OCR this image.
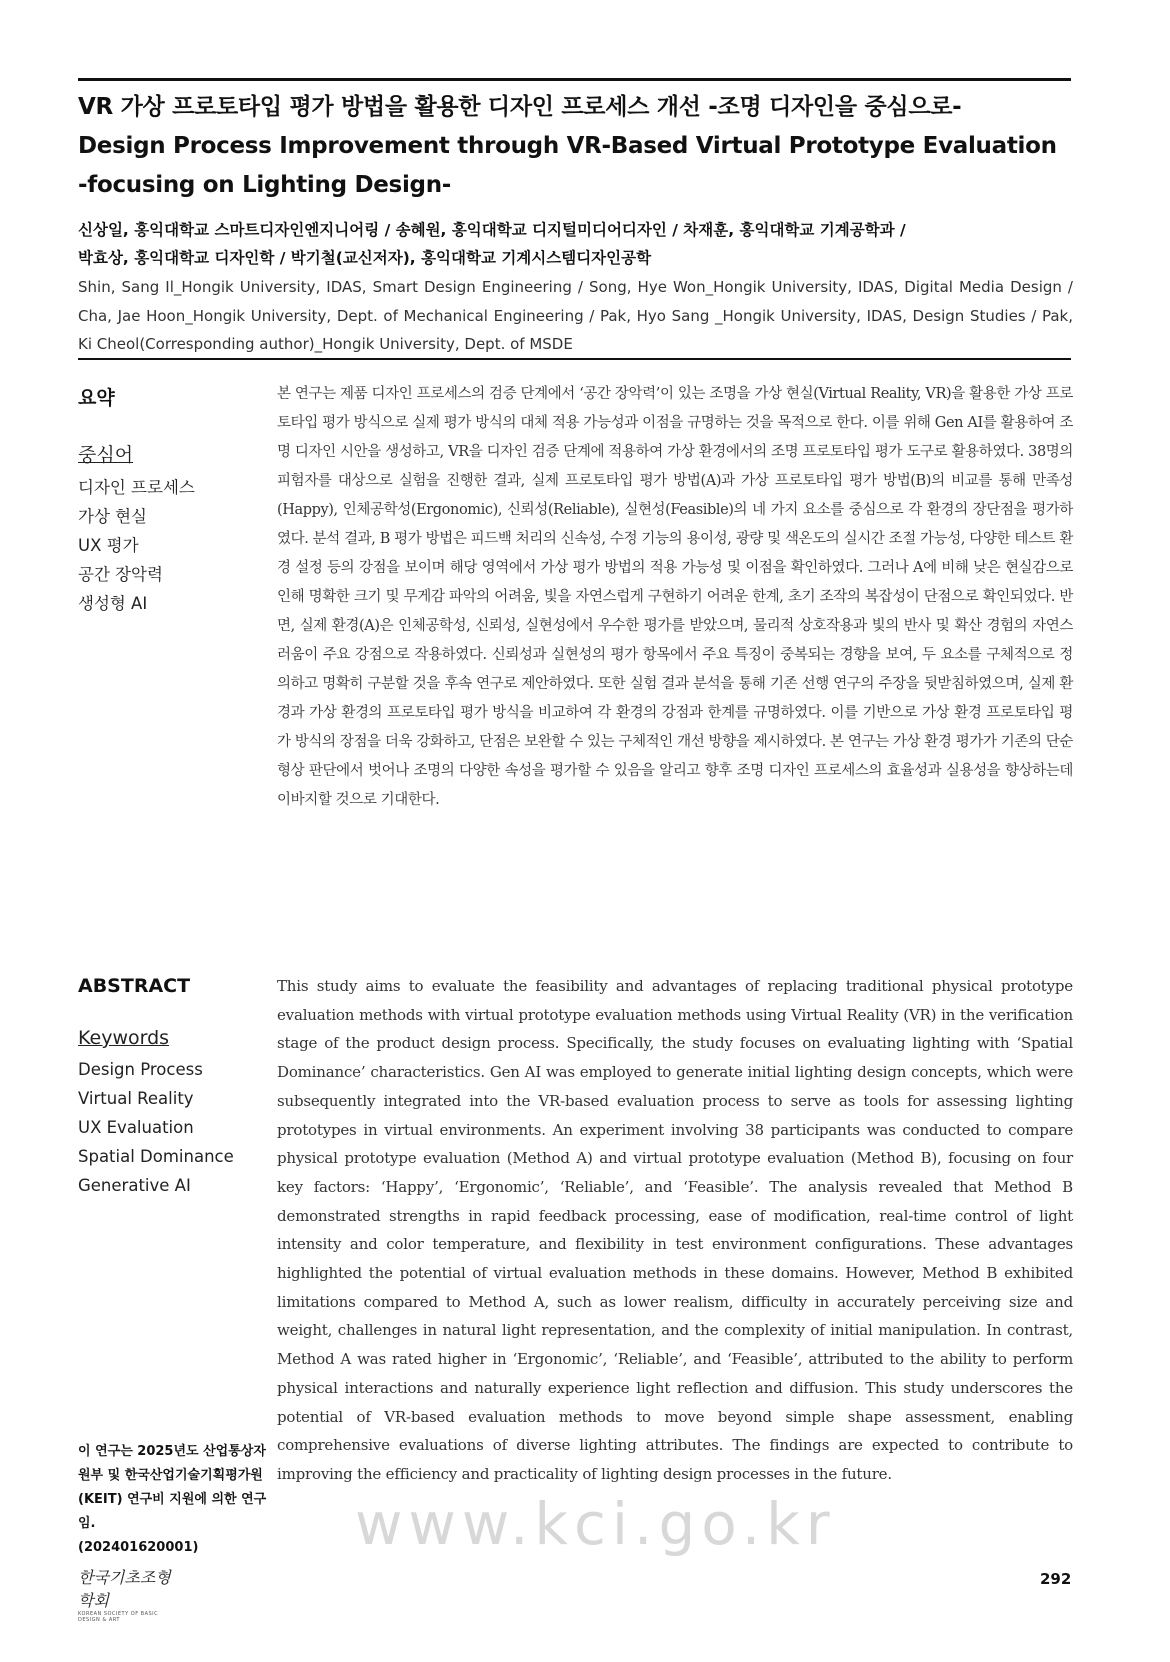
VR 가상 프로토타입 평가 방법을 활용한 디자인 프로세스 개선 -조명 디자인을 중심으로-
Design Process Improvement through VR-Based Virtual Prototype Evaluation
-focusing on Lighting Design-
신상일, 홍익대학교 스마트디자인엔지니어링 / 송혜원, 홍익대학교 디지털미디어디자인 / 차재훈, 홍익대학교 기계공학과 /
박효상, 홍익대학교 디자인학 / 박기철(교신저자), 홍익대학교 기계시스템디자인공학
Shin, Sang Il_Hongik University, IDAS, Smart Design Engineering / Song, Hye Won_Hongik University, IDAS, Digital Media Design / Cha, Jae Hoon_Hongik University, Dept. of Mechanical Engineering / Pak, Hyo Sang _Hongik University, IDAS, Design Studies / Pak, Ki Cheol(Corresponding author)_Hongik University, Dept. of MSDE
요약
중심어
디자인 프로세스
가상 현실
UX 평가
공간 장악력
생성형 AI
본 연구는 제품 디자인 프로세스의 검증 단계에서 ‘공간 장악력’이 있는 조명을 가상 현실(Virtual Reality, VR)을 활용한 가상 프로토타입 평가 방식으로 실제 평가 방식의 대체 적용 가능성과 이점을 규명하는 것을 목적으로 한다. 이를 위해 Gen AI를 활용하여 조명 디자인 시안을 생성하고, VR을 디자인 검증 단계에 적용하여 가상 환경에서의 조명 프로토타입 평가 도구로 활용하였다. 38명의 피험자를 대상으로 실험을 진행한 결과, 실제 프로토타입 평가 방법(A)과 가상 프로토타입 평가 방법(B)의 비교를 통해 만족성(Happy), 인체공학성(Ergonomic), 신뢰성(Reliable), 실현성(Feasible)의 네 가지 요소를 중심으로 각 환경의 장단점을 평가하였다. 분석 결과, B 평가 방법은 피드백 처리의 신속성, 수정 기능의 용이성, 광량 및 색온도의 실시간 조절 가능성, 다양한 테스트 환경 설정 등의 강점을 보이며 해당 영역에서 가상 평가 방법의 적용 가능성 및 이점을 확인하였다. 그러나 A에 비해 낮은 현실감으로 인해 명확한 크기 및 무게감 파악의 어려움, 빛을 자연스럽게 구현하기 어려운 한계, 초기 조작의 복잡성이 단점으로 확인되었다. 반면, 실제 환경(A)은 인체공학성, 신뢰성, 실현성에서 우수한 평가를 받았으며, 물리적 상호작용과 빛의 반사 및 확산 경험의 자연스러움이 주요 강점으로 작용하였다. 신뢰성과 실현성의 평가 항목에서 주요 특징이 중복되는 경향을 보여, 두 요소를 구체적으로 정의하고 명확히 구분할 것을 후속 연구로 제안하였다. 또한 실험 결과 분석을 통해 기존 선행 연구의 주장을 뒷받침하였으며, 실제 환경과 가상 환경의 프로토타입 평가 방식을 비교하여 각 환경의 강점과 한계를 규명하였다. 이를 기반으로 가상 환경 프로토타입 평가 방식의 장점을 더욱 강화하고, 단점은 보완할 수 있는 구체적인 개선 방향을 제시하였다. 본 연구는 가상 환경 평가가 기존의 단순 형상 판단에서 벗어나 조명의 다양한 속성을 평가할 수 있음을 알리고 향후 조명 디자인 프로세스의 효율성과 실용성을 향상하는데 이바지할 것으로 기대한다.
ABSTRACT
Keywords
Design Process
Virtual Reality
UX Evaluation
Spatial Dominance
Generative AI
This study aims to evaluate the feasibility and advantages of replacing traditional physical prototype evaluation methods with virtual prototype evaluation methods using Virtual Reality (VR) in the verification stage of the product design process. Specifically, the study focuses on evaluating lighting with ‘Spatial Dominance’ characteristics. Gen AI was employed to generate initial lighting design concepts, which were subsequently integrated into the VR-based evaluation process to serve as tools for assessing lighting prototypes in virtual environments. An experiment involving 38 participants was conducted to compare physical prototype evaluation (Method A) and virtual prototype evaluation (Method B), focusing on four key factors: ‘Happy’, ‘Ergonomic’, ‘Reliable’, and ‘Feasible’. The analysis revealed that Method B demonstrated strengths in rapid feedback processing, ease of modification, real-time control of light intensity and color temperature, and flexibility in test environment configurations. These advantages highlighted the potential of virtual evaluation methods in these domains. However, Method B exhibited limitations compared to Method A, such as lower realism, difficulty in accurately perceiving size and weight, challenges in natural light representation, and the complexity of initial manipulation. In contrast, Method A was rated higher in ‘Ergonomic’, ‘Reliable’, and ‘Feasible’, attributed to the ability to perform physical interactions and naturally experience light reflection and diffusion. This study underscores the potential of VR-based evaluation methods to move beyond simple shape assessment, enabling comprehensive evaluations of diverse lighting attributes. The findings are expected to contribute to improving the efficiency and practicality of lighting design processes in the future.
이 연구는 2025년도 산업통상자원부 및 한국산업기술기획평가원(KEIT) 연구비 지원에 의한 연구임.
(202401620001)	www.kci.go.kr
한국기초조형학회
KOREAN SOCIETY OF BASIC DESIGN & ART
292
